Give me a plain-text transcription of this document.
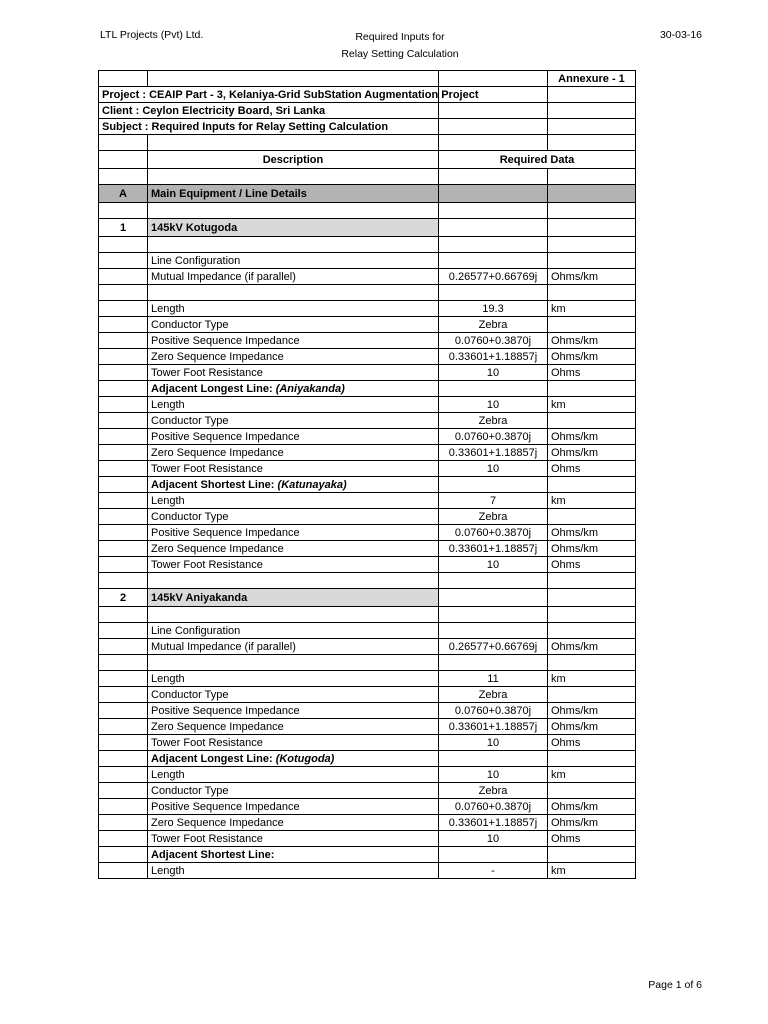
LTL Projects (Pvt) Ltd.	Required Inputs for
Relay Setting Calculation
30-03-16
			Annexure - 1
Project : CEAIP Part - 3, Kelaniya-Grid SubStation Augmentation Project			
Client : Ceylon Electricity Board, Sri Lanka			
Subject : Required Inputs for Relay Setting Calculation			

	Description	Required Data	

A	Main Equipment / Line Details		

1	145kV Kotugoda		

	Line Configuration		
	Mutual Impedance (if parallel)	0.26577+0.66769j	Ohms/km

	Length	19.3	km
	Conductor Type	Zebra	
	Positive Sequence Impedance	0.0760+0.3870j	Ohms/km
	Zero Sequence Impedance	0.33601+1.18857j	Ohms/km
	Tower Foot Resistance	10	Ohms
	Adjacent Longest Line: (Aniyakanda)		
	Length	10	km
	Conductor Type	Zebra	
	Positive Sequence Impedance	0.0760+0.3870j	Ohms/km
	Zero Sequence Impedance	0.33601+1.18857j	Ohms/km
	Tower Foot Resistance	10	Ohms
	Adjacent Shortest Line: (Katunayaka)		
	Length	7	km
	Conductor Type	Zebra	
	Positive Sequence Impedance	0.0760+0.3870j	Ohms/km
	Zero Sequence Impedance	0.33601+1.18857j	Ohms/km
	Tower Foot Resistance	10	Ohms

2	145kV Aniyakanda		

	Line Configuration		
	Mutual Impedance (if parallel)	0.26577+0.66769j	Ohms/km

	Length	11	km
	Conductor Type	Zebra	
	Positive Sequence Impedance	0.0760+0.3870j	Ohms/km
	Zero Sequence Impedance	0.33601+1.18857j	Ohms/km
	Tower Foot Resistance	10	Ohms
	Adjacent Longest Line: (Kotugoda)		
	Length	10	km
	Conductor Type	Zebra	
	Positive Sequence Impedance	0.0760+0.3870j	Ohms/km
	Zero Sequence Impedance	0.33601+1.18857j	Ohms/km
	Tower Foot Resistance	10	Ohms
	Adjacent Shortest Line:		
	Length	-	km
Page 1 of 6
